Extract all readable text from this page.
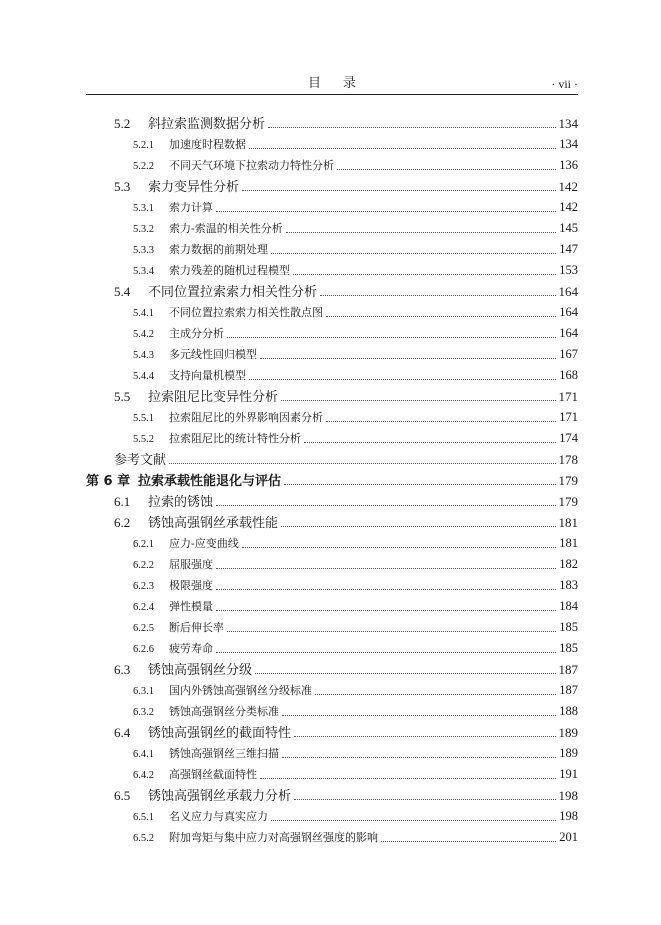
目录	· vii ·
5.2	斜拉索监测数据分析	134
5.2.1	加速度时程数据	134
5.2.2	不同天气环境下拉索动力特性分析	136
5.3	索力变异性分析	142
5.3.1	索力计算	142
5.3.2	索力-索温的相关性分析	145
5.3.3	索力数据的前期处理	147
5.3.4	索力残差的随机过程模型	153
5.4	不同位置拉索索力相关性分析	164
5.4.1	不同位置拉索索力相关性散点图	164
5.4.2	主成分分析	164
5.4.3	多元线性回归模型	167
5.4.4	支持向量机模型	168
5.5	拉索阻尼比变异性分析	171
5.5.1	拉索阻尼比的外界影响因素分析	171
5.5.2	拉索阻尼比的统计特性分析	174
参考文献	178
第 6 章 拉索承载性能退化与评估	179
6.1	拉索的锈蚀	179
6.2	锈蚀高强钢丝承载性能	181
6.2.1	应力-应变曲线	181
6.2.2	屈服强度	182
6.2.3	极限强度	183
6.2.4	弹性模量	184
6.2.5	断后伸长率	185
6.2.6	疲劳寿命	185
6.3	锈蚀高强钢丝分级	187
6.3.1	国内外锈蚀高强钢丝分级标准	187
6.3.2	锈蚀高强钢丝分类标准	188
6.4	锈蚀高强钢丝的截面特性	189
6.4.1	锈蚀高强钢丝三维扫描	189
6.4.2	高强钢丝截面特性	191
6.5	锈蚀高强钢丝承载力分析	198
6.5.1	名义应力与真实应力	198
6.5.2	附加弯矩与集中应力对高强钢丝强度的影响	201
